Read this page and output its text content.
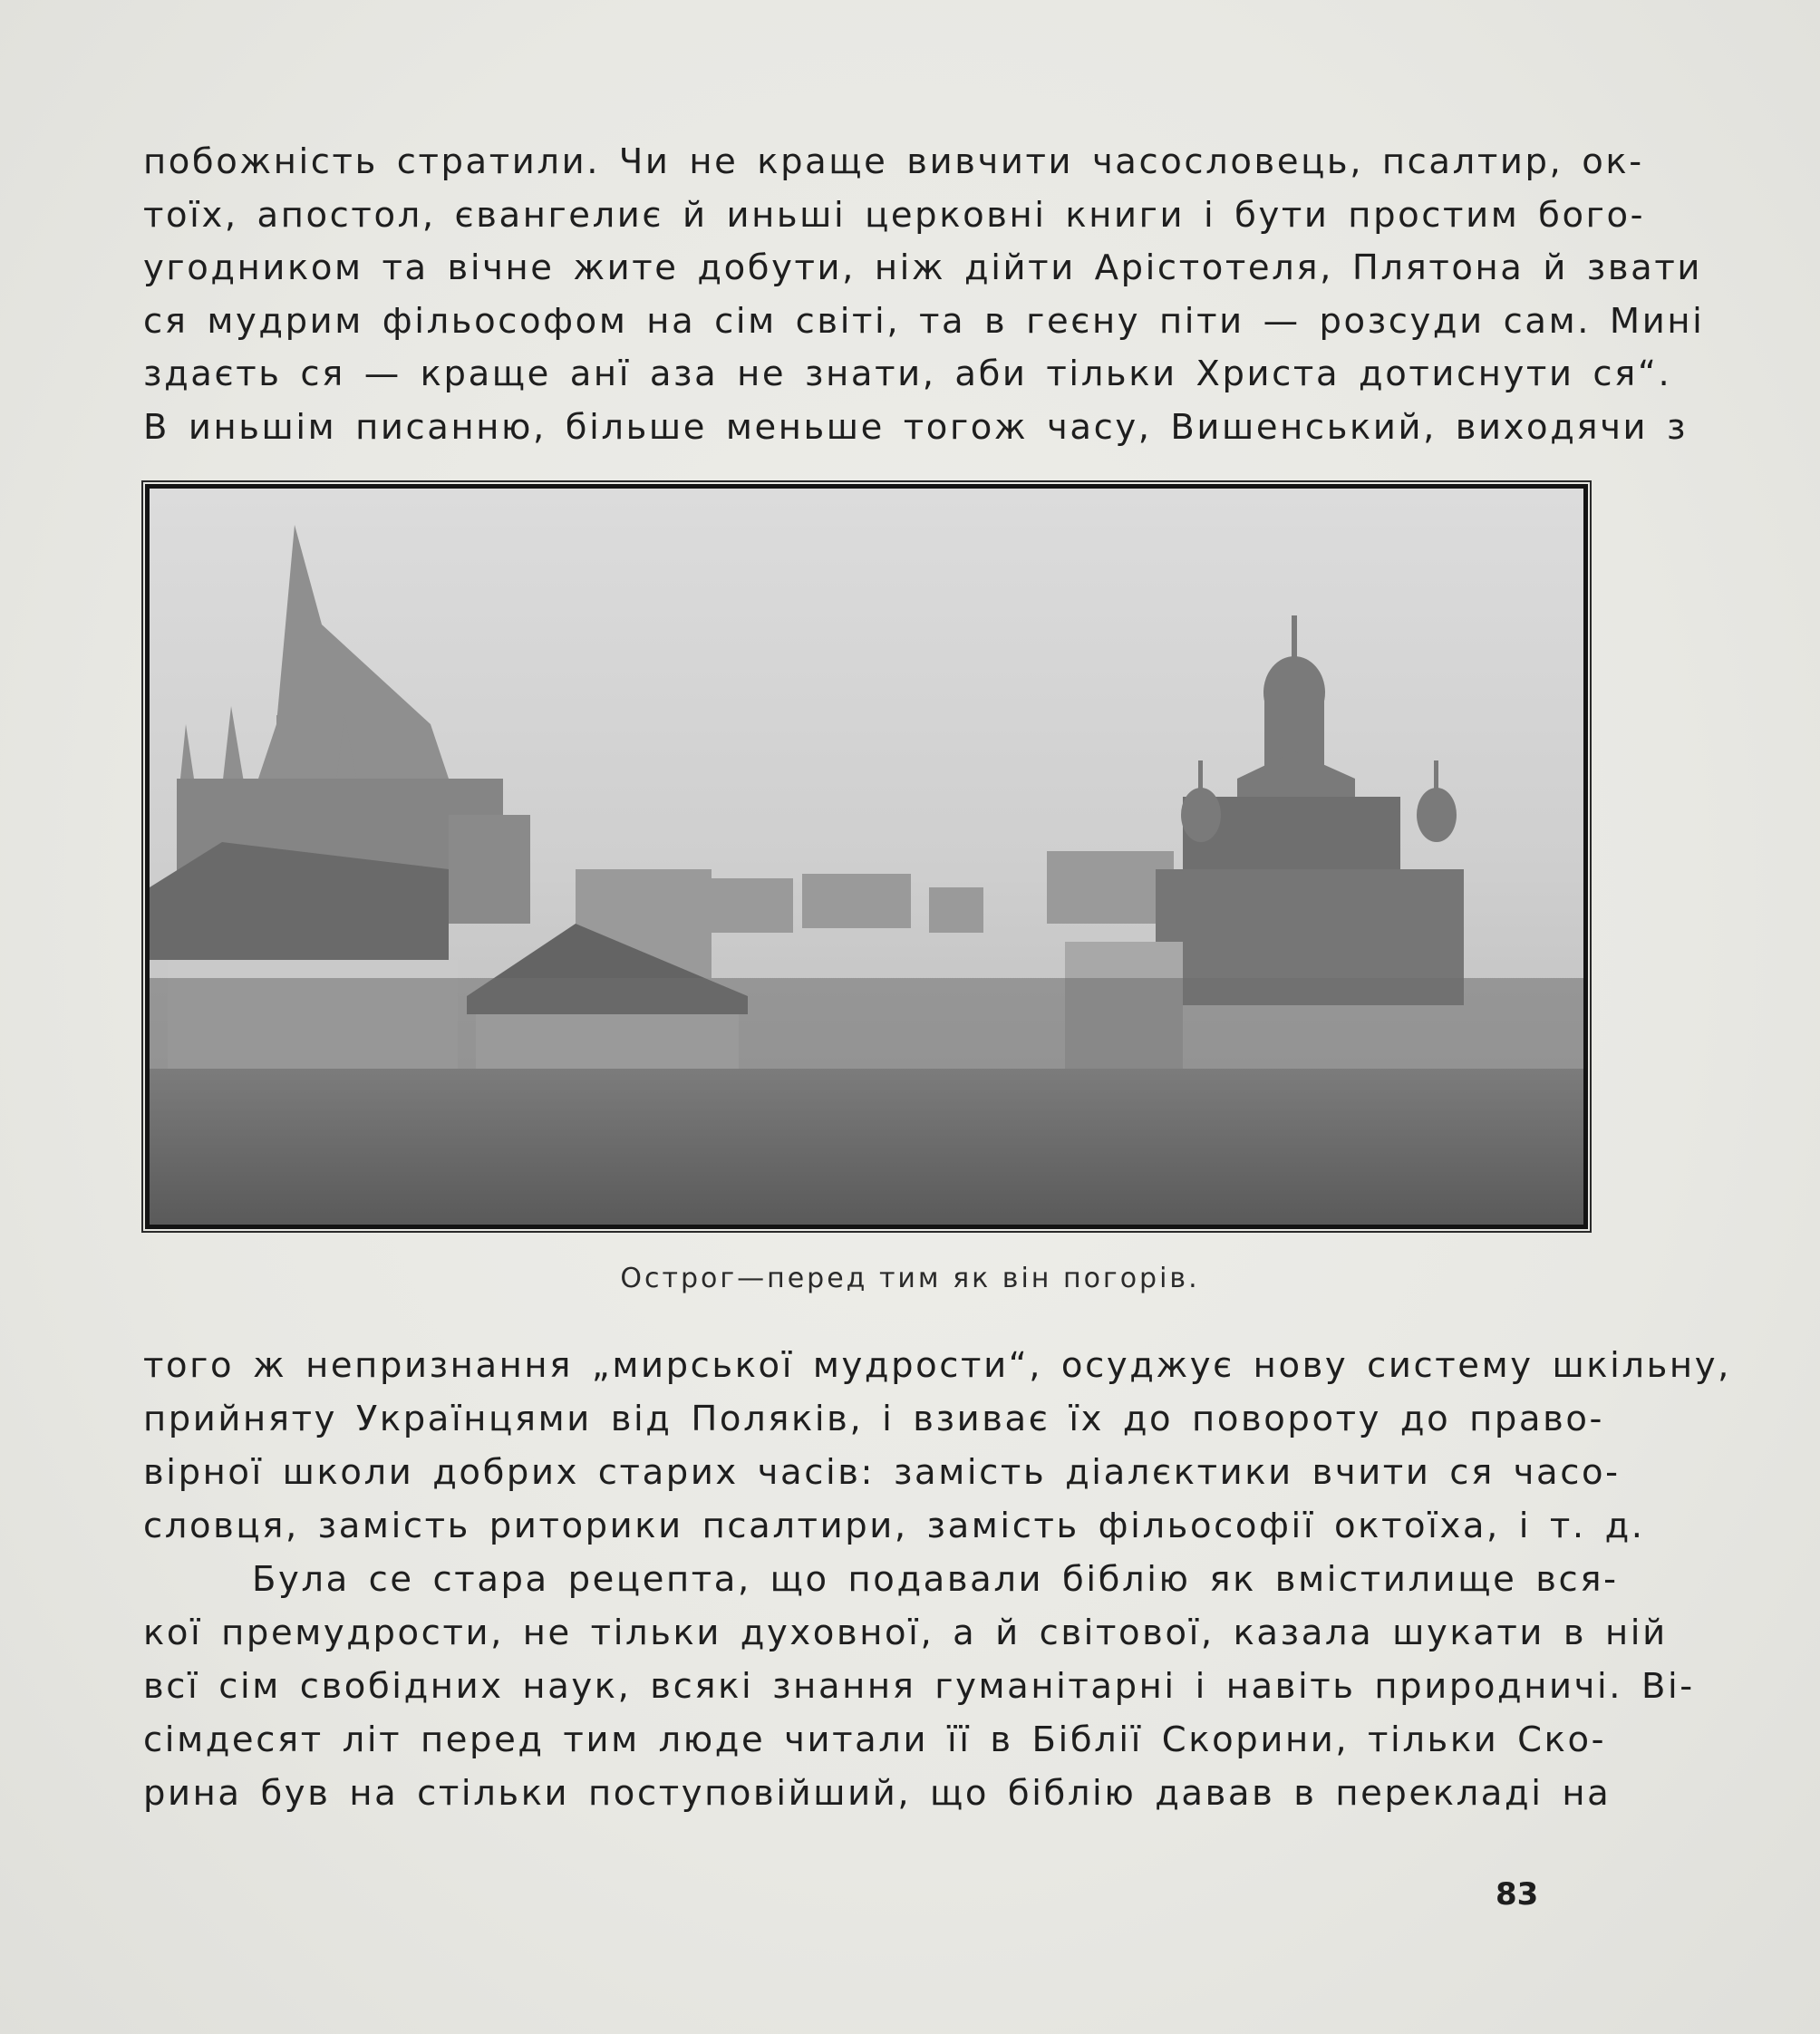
побожність стратили. Чи не краще вивчити часословець, псалтир, ок-
тоїх, апостол, євангелиє й иньші церковні книги і бути простим бого-
угодником та вічне жите добути, ніж дійти Арістотеля, Плятона й звати
ся мудрим фільософом на сім світі, та в геєну піти — розсуди сам. Мині
здаєть ся — краще анї аза не знати, аби тільки Христа дотиснути ся“.
В иньшім писанню, більше меньше тогож часу, Вишенський, виходячи з
Острог—перед тим як він погорів.
того ж непризнання „мирської мудрости“, осуджує нову систему шкільну,
прийняту Українцями від Поляків, і взиває їх до повороту до право-
вірної школи добрих старих часів: замість діалєктики вчити ся часо-
словця, замість риторики псалтири, замість фільософії октоїха, і т. д.
Була се стара рецепта, що подавали біблію як вмістилище вся-
кої премудрости, не тільки духовної, а й світової, казала шукати в ній
всї сім свобідних наук, всякі знання гуманітарні і навіть природничі. Ві-
сімдесят літ перед тим люде читали її в Біблії Скорини, тільки Ско-
рина був на стільки поступовійший, що біблію давав в перекладі на
83
